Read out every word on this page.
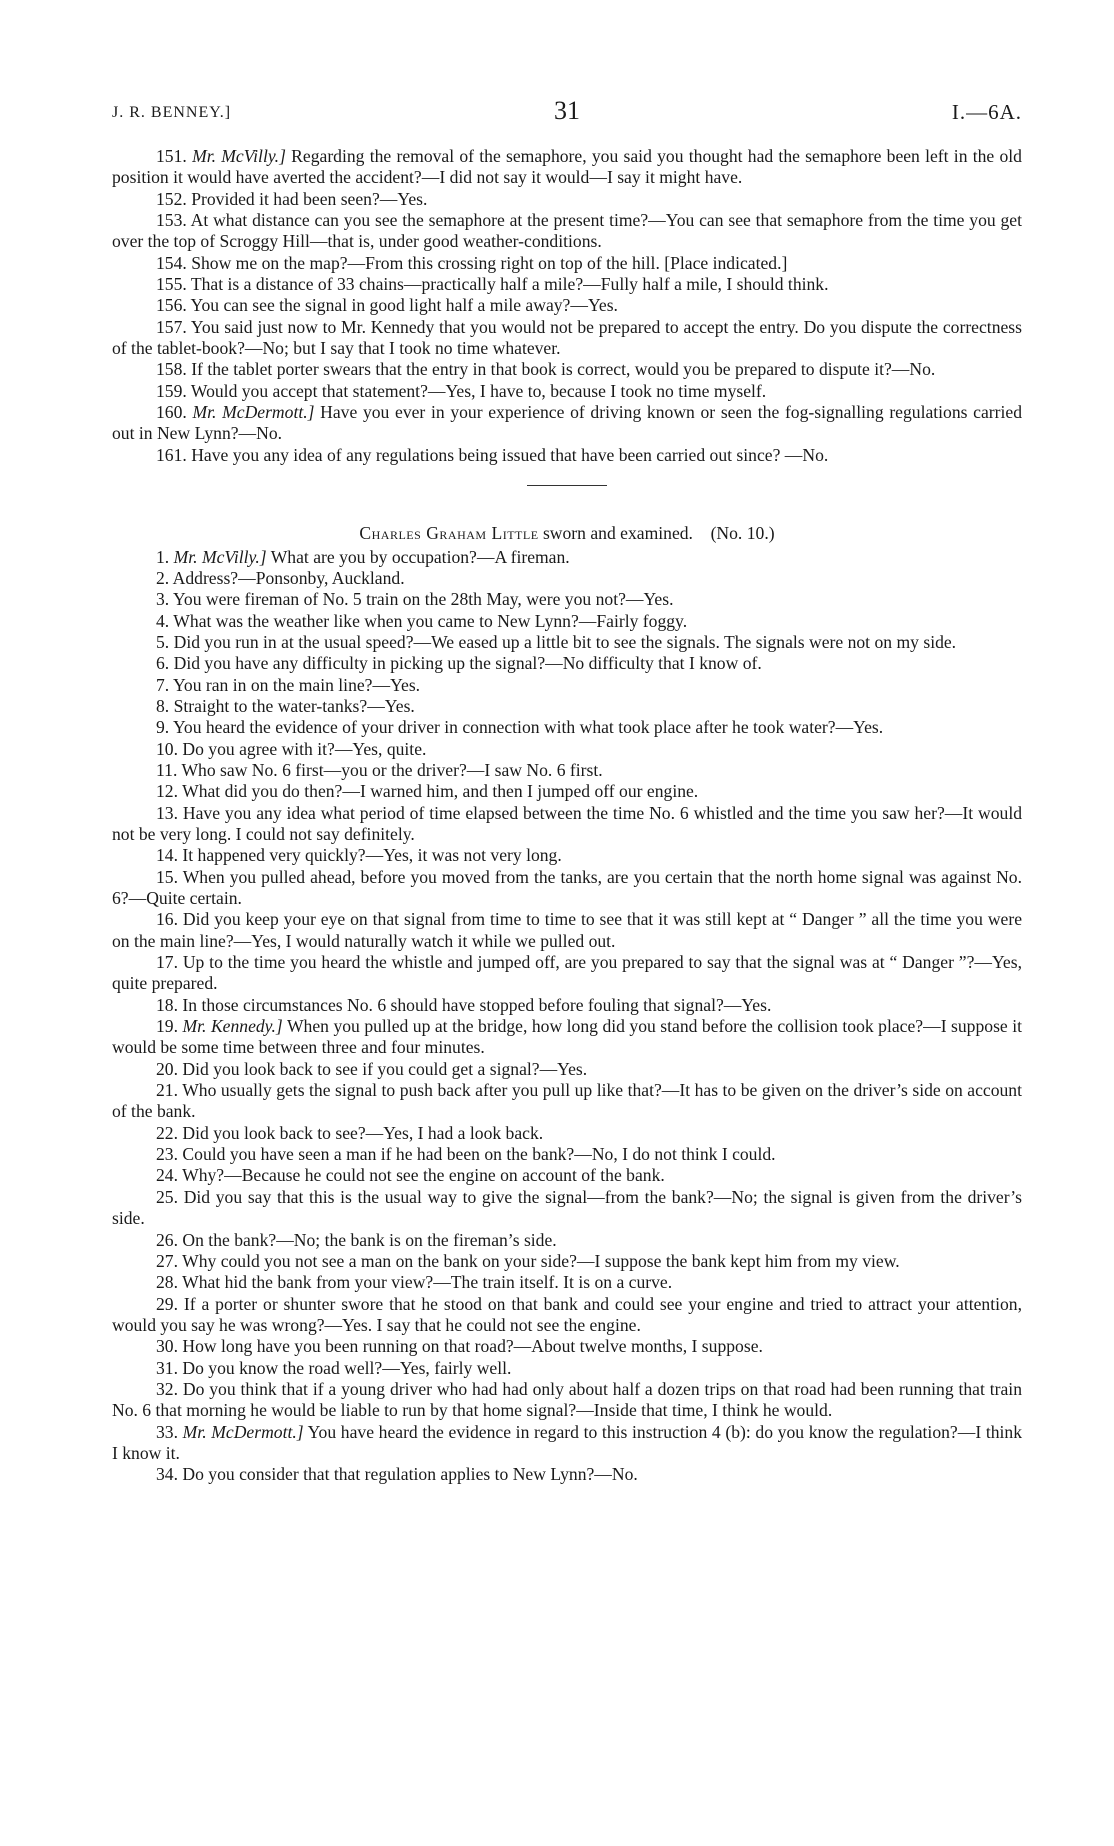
J. R. BENNEY.]	31	I.—6A.

151. Mr. McVilly.] Regarding the removal of the semaphore, you said you thought had the semaphore been left in the old position it would have averted the accident?—I did not say it would—I say it might have.

152. Provided it had been seen?—Yes.

153. At what distance can you see the semaphore at the present time?—You can see that semaphore from the time you get over the top of Scroggy Hill—that is, under good weather-conditions.

154. Show me on the map?—From this crossing right on top of the hill. [Place indicated.]

155. That is a distance of 33 chains—practically half a mile?—Fully half a mile, I should think.

156. You can see the signal in good light half a mile away?—Yes.

157. You said just now to Mr. Kennedy that you would not be prepared to accept the entry. Do you dispute the correctness of the tablet-book?—No; but I say that I took no time whatever.

158. If the tablet porter swears that the entry in that book is correct, would you be prepared to dispute it?—No.

159. Would you accept that statement?—Yes, I have to, because I took no time myself.

160. Mr. McDermott.] Have you ever in your experience of driving known or seen the fog-signalling regulations carried out in New Lynn?—No.

161. Have you any idea of any regulations being issued that have been carried out since? —No.

Charles Graham Little sworn and examined. (No. 10.)

1. Mr. McVilly.] What are you by occupation?—A fireman.

2. Address?—Ponsonby, Auckland.

3. You were fireman of No. 5 train on the 28th May, were you not?—Yes.

4. What was the weather like when you came to New Lynn?—Fairly foggy.

5. Did you run in at the usual speed?—We eased up a little bit to see the signals. The signals were not on my side.

6. Did you have any difficulty in picking up the signal?—No difficulty that I know of.

7. You ran in on the main line?—Yes.

8. Straight to the water-tanks?—Yes.

9. You heard the evidence of your driver in connection with what took place after he took water?—Yes.

10. Do you agree with it?—Yes, quite.

11. Who saw No. 6 first—you or the driver?—I saw No. 6 first.

12. What did you do then?—I warned him, and then I jumped off our engine.

13. Have you any idea what period of time elapsed between the time No. 6 whistled and the time you saw her?—It would not be very long. I could not say definitely.

14. It happened very quickly?—Yes, it was not very long.

15. When you pulled ahead, before you moved from the tanks, are you certain that the north home signal was against No. 6?—Quite certain.

16. Did you keep your eye on that signal from time to time to see that it was still kept at “ Danger ” all the time you were on the main line?—Yes, I would naturally watch it while we pulled out.

17. Up to the time you heard the whistle and jumped off, are you prepared to say that the signal was at “ Danger ”?—Yes, quite prepared.

18. In those circumstances No. 6 should have stopped before fouling that signal?—Yes.

19. Mr. Kennedy.] When you pulled up at the bridge, how long did you stand before the collision took place?—I suppose it would be some time between three and four minutes.

20. Did you look back to see if you could get a signal?—Yes.

21. Who usually gets the signal to push back after you pull up like that?—It has to be given on the driver’s side on account of the bank.

22. Did you look back to see?—Yes, I had a look back.

23. Could you have seen a man if he had been on the bank?—No, I do not think I could.

24. Why?—Because he could not see the engine on account of the bank.

25. Did you say that this is the usual way to give the signal—from the bank?—No; the signal is given from the driver’s side.

26. On the bank?—No; the bank is on the fireman’s side.

27. Why could you not see a man on the bank on your side?—I suppose the bank kept him from my view.

28. What hid the bank from your view?—The train itself. It is on a curve.

29. If a porter or shunter swore that he stood on that bank and could see your engine and tried to attract your attention, would you say he was wrong?—Yes. I say that he could not see the engine.

30. How long have you been running on that road?—About twelve months, I suppose.

31. Do you know the road well?—Yes, fairly well.

32. Do you think that if a young driver who had had only about half a dozen trips on that road had been running that train No. 6 that morning he would be liable to run by that home signal?—Inside that time, I think he would.

33. Mr. McDermott.] You have heard the evidence in regard to this instruction 4 (b): do you know the regulation?—I think I know it.

34. Do you consider that that regulation applies to New Lynn?—No.
